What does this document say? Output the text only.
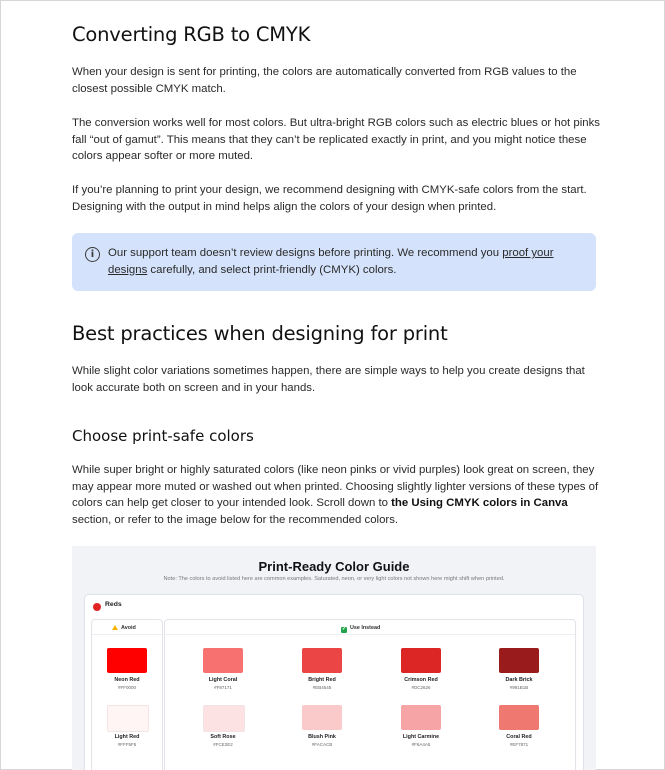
Converting RGB to CMYK

When your design is sent for printing, the colors are automatically converted from RGB values to the closest possible CMYK match.

The conversion works well for most colors. But ultra-bright RGB colors such as electric blues or hot pinks fall “out of gamut”. This means that they can’t be replicated exactly in print, and you might notice these colors appear softer or more muted.

If you’re planning to print your design, we recommend designing with CMYK-safe colors from the start. Designing with the output in mind helps align the colors of your design when printed.

i	Our support team doesn’t review designs before printing. We recommend you proof your designs carefully, and select print-friendly (CMYK) colors.

Best practices when designing for print

While slight color variations sometimes happen, there are simple ways to help you create designs that look accurate both on screen and in your hands.

Choose print-safe colors

While super bright or highly saturated colors (like neon pinks or vivid purples) look great on screen, they may appear more muted or washed out when printed. Choosing slightly lighter versions of these types of colors can help get closer to your intended look. Scroll down to the Using CMYK colors in Canva section, or refer to the image below for the recommended colors.

Print-Ready Color Guide
Note: The colors to avoid listed here are common examples. Saturated, neon, or very light colors not shown here might shift when printed.
Reds
Avoid
Neon Red
#FF0000
Light Red
#FFF5F5
✓ Use Instead
Light Coral
#F87171
Bright Red
#EB4545
Crimson Red
#DC2626
Dark Brick
#991B1B
Soft Rose
#FCE2E2
Blush Pink
#FACACB
Light Carmine
#F6A4A5
Coral Red
#EF7871
